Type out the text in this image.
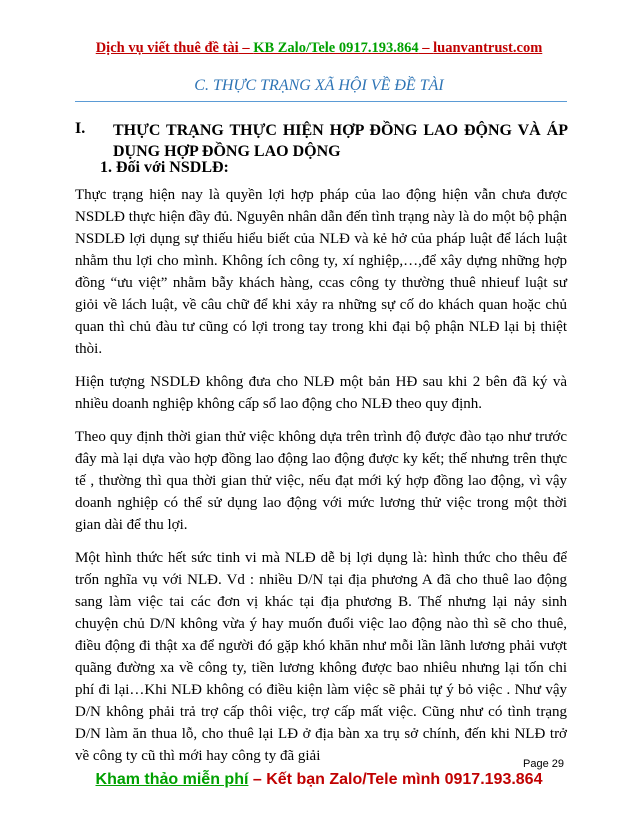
Dịch vụ viết thuê đề tài – KB Zalo/Tele 0917.193.864 – luanvantrust.com
C. THỰC TRẠNG XÃ HỘI VỀ ĐỀ TÀI
I. THỰC TRẠNG THỰC HIỆN HỢP ĐỒNG LAO ĐỘNG VÀ ÁP DỤNG HỢP ĐỒNG LAO DỘNG
1. Đối với NSDLĐ:

Thực trạng hiện nay là quyền lợi hợp pháp của lao động hiện vẫn chưa được NSDLĐ thực hiện đầy đủ. Nguyên nhân dẫn đến tình trạng này là do một bộ phận NSDLĐ lợi dụng sự thiếu hiểu biết của NLĐ và kẻ hở của pháp luật để lách luật nhằm thu lợi cho mình. Không ích công ty, xí nghiệp,…,để xây dựng những hợp đồng “ưu việt” nhằm bẫy khách hàng, ccas công ty thường thuê nhieuf luật sư giỏi về lách luật, về câu chữ để khi xảy ra những sự cố do khách quan hoặc chủ quan thì chủ đàu tư cũng có lợi trong tay trong khi đại bộ phận NLĐ lại bị thiệt thòi.

Hiện tượng NSDLĐ không đưa cho NLĐ một bản HĐ sau khi 2 bên đã ký và nhiều doanh nghiệp không cấp sổ lao động cho NLĐ theo quy định.

Theo quy định thời gian thử việc không dựa trên trình độ được đào tạo như trước đây mà lại dựa vào hợp đồng lao động lao động được ky kết; thế nhưng trên thực tế , thường thì qua thời gian thử việc, nếu đạt mới ký hợp đồng lao động, vì vậy doanh nghiệp có thể sử dụng lao động với mức lương thử việc trong một thời gian dài để thu lợi.

Một hình thức hết sức tinh vi mà NLĐ dễ bị lợi dụng là: hình thức cho thêu để trốn nghĩa vụ với NLĐ. Vd : nhiều D/N tại địa phương A đã cho thuê lao động sang làm việc tai các đơn vị khác tại địa phương B. Thế nhưng lại nảy sinh chuyện chủ D/N không vừa ý hay muốn đuổi việc lao động nào thì sẽ cho thuê, điều động đi thật xa để người đó gặp khó khăn như mỗi lần lãnh lương phải vượt quãng đường xa về công ty, tiền lương không được bao nhiêu nhưng lại tốn chi phí đi lại…Khi NLĐ không có điều kiện làm việc sẽ phải tự ý bỏ việc . Như vậy D/N không phải trả trợ cấp thôi việc, trợ cấp mất việc. Cũng như có tình trạng D/N làm ăn thua lỗ, cho thuê lại LĐ ở địa bàn xa trụ sở chính, đến khi NLĐ trở về công ty cũ thì mới hay công ty đã giải	Page 29
Kham thảo miễn phí – Kết bạn Zalo/Tele mình 0917.193.864
